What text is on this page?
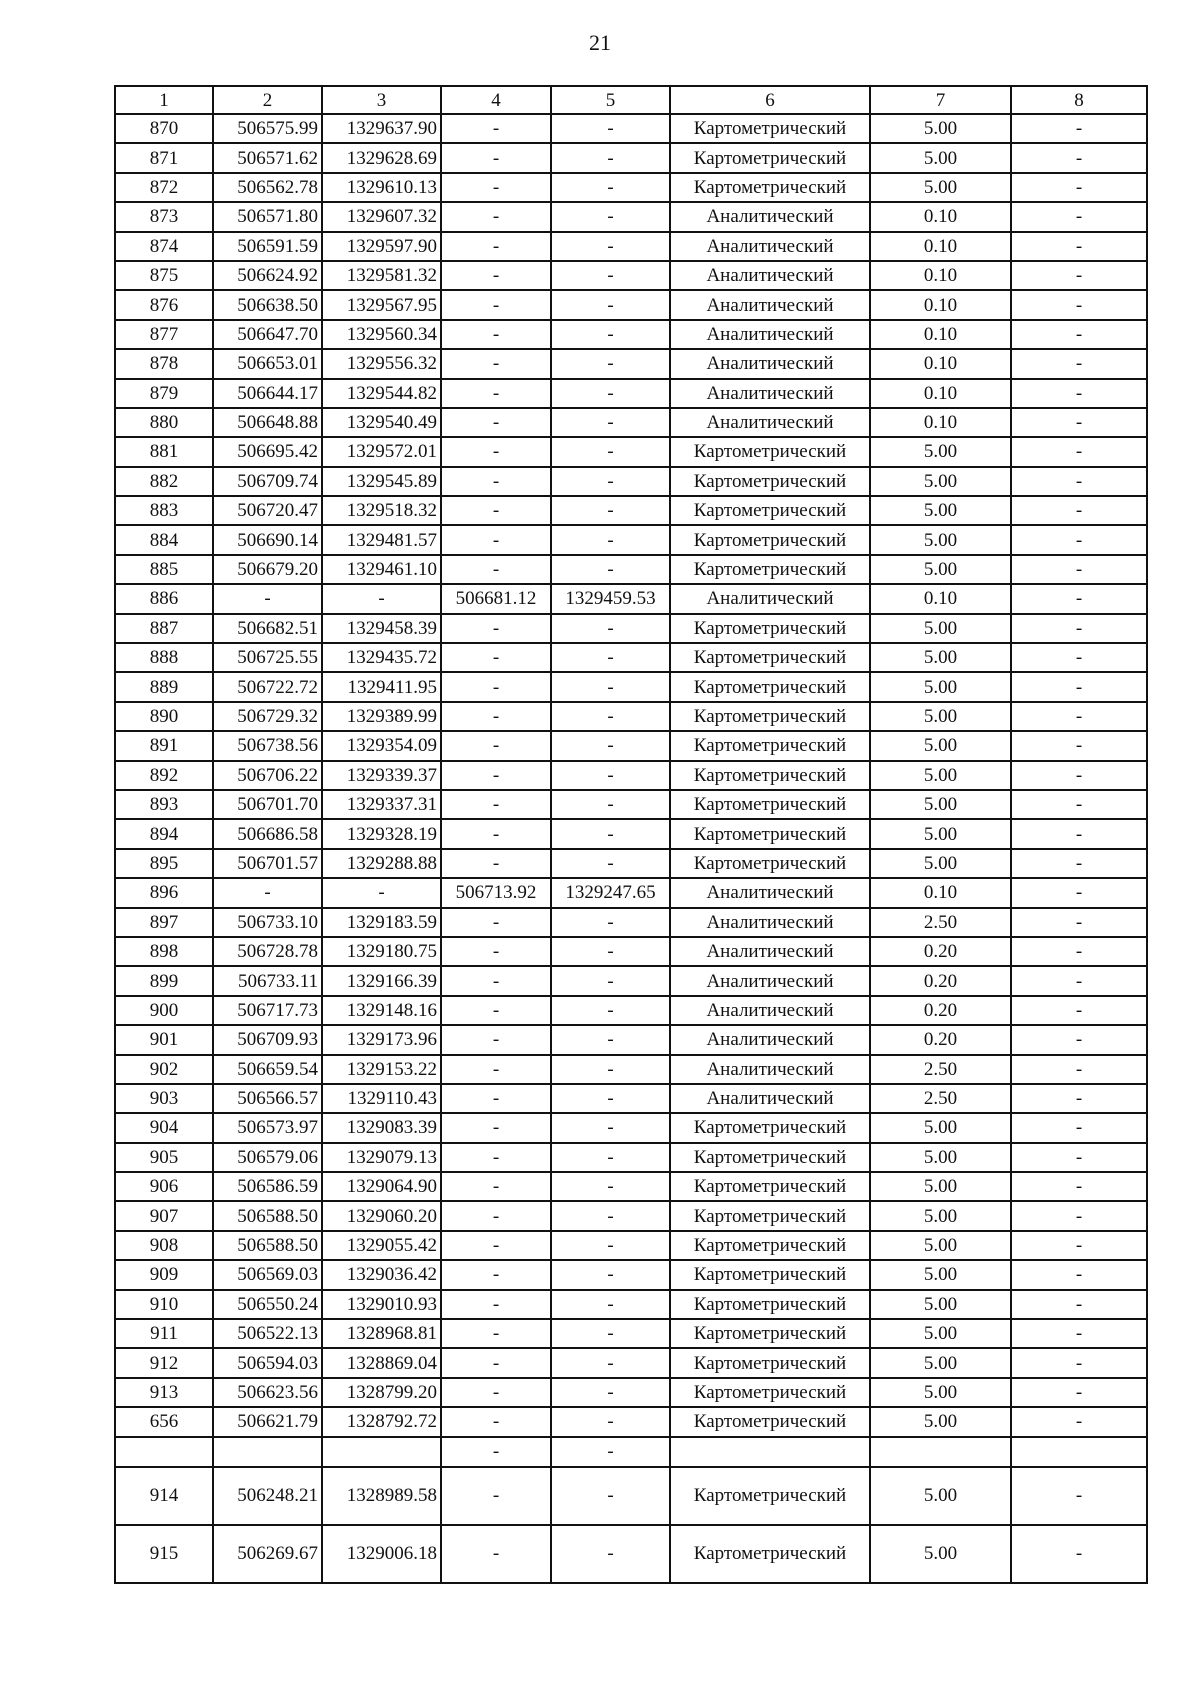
21
1	2	3	4	5	6	7	8
870	506575.99	1329637.90	-	-	Картометрический	5.00	-
871	506571.62	1329628.69	-	-	Картометрический	5.00	-
872	506562.78	1329610.13	-	-	Картометрический	5.00	-
873	506571.80	1329607.32	-	-	Аналитический	0.10	-
874	506591.59	1329597.90	-	-	Аналитический	0.10	-
875	506624.92	1329581.32	-	-	Аналитический	0.10	-
876	506638.50	1329567.95	-	-	Аналитический	0.10	-
877	506647.70	1329560.34	-	-	Аналитический	0.10	-
878	506653.01	1329556.32	-	-	Аналитический	0.10	-
879	506644.17	1329544.82	-	-	Аналитический	0.10	-
880	506648.88	1329540.49	-	-	Аналитический	0.10	-
881	506695.42	1329572.01	-	-	Картометрический	5.00	-
882	506709.74	1329545.89	-	-	Картометрический	5.00	-
883	506720.47	1329518.32	-	-	Картометрический	5.00	-
884	506690.14	1329481.57	-	-	Картометрический	5.00	-
885	506679.20	1329461.10	-	-	Картометрический	5.00	-
886	-	-	506681.12	1329459.53	Аналитический	0.10	-
887	506682.51	1329458.39	-	-	Картометрический	5.00	-
888	506725.55	1329435.72	-	-	Картометрический	5.00	-
889	506722.72	1329411.95	-	-	Картометрический	5.00	-
890	506729.32	1329389.99	-	-	Картометрический	5.00	-
891	506738.56	1329354.09	-	-	Картометрический	5.00	-
892	506706.22	1329339.37	-	-	Картометрический	5.00	-
893	506701.70	1329337.31	-	-	Картометрический	5.00	-
894	506686.58	1329328.19	-	-	Картометрический	5.00	-
895	506701.57	1329288.88	-	-	Картометрический	5.00	-
896	-	-	506713.92	1329247.65	Аналитический	0.10	-
897	506733.10	1329183.59	-	-	Аналитический	2.50	-
898	506728.78	1329180.75	-	-	Аналитический	0.20	-
899	506733.11	1329166.39	-	-	Аналитический	0.20	-
900	506717.73	1329148.16	-	-	Аналитический	0.20	-
901	506709.93	1329173.96	-	-	Аналитический	0.20	-
902	506659.54	1329153.22	-	-	Аналитический	2.50	-
903	506566.57	1329110.43	-	-	Аналитический	2.50	-
904	506573.97	1329083.39	-	-	Картометрический	5.00	-
905	506579.06	1329079.13	-	-	Картометрический	5.00	-
906	506586.59	1329064.90	-	-	Картометрический	5.00	-
907	506588.50	1329060.20	-	-	Картометрический	5.00	-
908	506588.50	1329055.42	-	-	Картометрический	5.00	-
909	506569.03	1329036.42	-	-	Картометрический	5.00	-
910	506550.24	1329010.93	-	-	Картометрический	5.00	-
911	506522.13	1328968.81	-	-	Картометрический	5.00	-
912	506594.03	1328869.04	-	-	Картометрический	5.00	-
913	506623.56	1328799.20	-	-	Картометрический	5.00	-
656	506621.79	1328792.72	-	-	Картометрический	5.00	-
			-	-			
914	506248.21	1328989.58	-	-	Картометрический	5.00	-
915	506269.67	1329006.18	-	-	Картометрический	5.00	-
